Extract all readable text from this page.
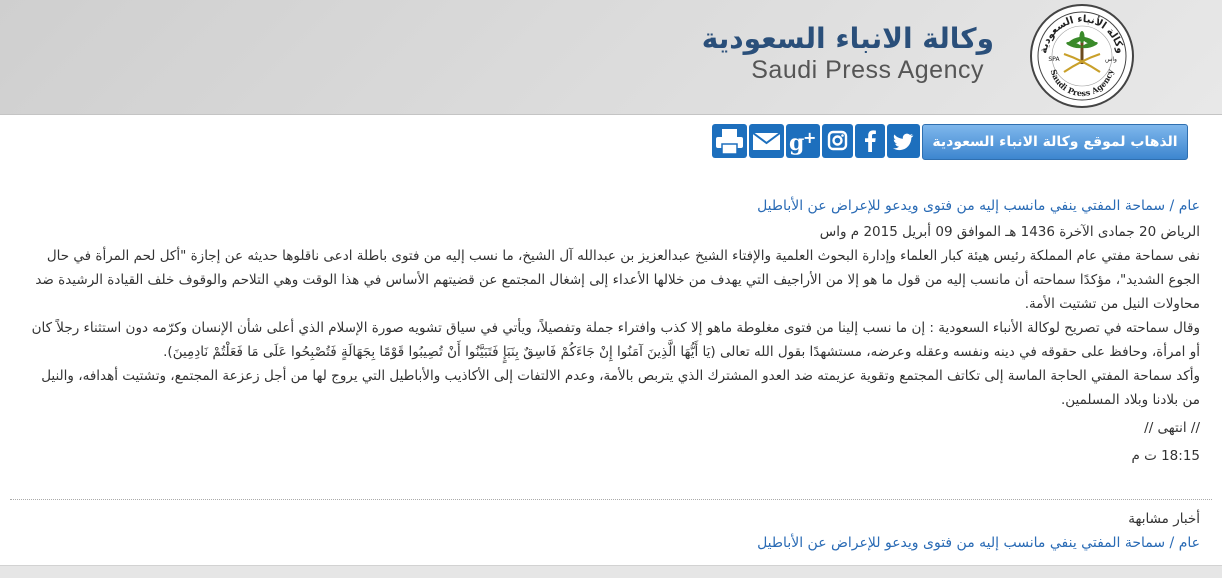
وكالة الأنباء السعودية
SPA	واس
Saudi Press Agency
وكالة الانباء السعودية
Saudi Press Agency
الذهاب لموقع وكالة الانباء السعودية
g
+
عام / سماحة المفتي ينفي مانسب إليه من فتوى ويدعو للإعراض عن الأباطيل
الرياض 20 جمادى الآخرة 1436 هـ الموافق 09 أبريل 2015 م واس

نفى سماحة مفتي عام المملكة رئيس هيئة كبار العلماء وإدارة البحوث العلمية والإفتاء الشيخ عبدالعزيز بن عبدالله آل الشيخ، ما نسب إليه من فتوى باطلة ادعى ناقلوها حديثه عن إجازة "أكل لحم المرأة في حال الجوع الشديد"، مؤكدًا سماحته أن مانسب إليه من قول ما هو إلا من الأراجيف التي يهدف من خلالها الأعداء إلى إشغال المجتمع عن قضيتهم الأساس في هذا الوقت وهي التلاحم والوقوف خلف القيادة الرشيدة ضد محاولات النيل من تشتيت الأمة.

وقال سماحته في تصريح لوكالة الأنباء السعودية : إن ما نسب إلينا من فتوى مغلوطة ماهو إلا كذب وافتراء جملة وتفصيلاً، ويأتي في سياق تشويه صورة الإسلام الذي أعلى شأن الإنسان وكرّمه دون استثناء رجلاً كان أو امرأة، وحافظ على حقوقه في دينه ونفسه وعقله وعرضه، مستشهدًا بقول الله تعالى (يَا أَيُّهَا الَّذِينَ آمَنُوا إِنْ جَاءَكُمْ فَاسِقٌ بِنَبَإٍ فَتَبَيَّنُوا أَنْ تُصِيبُوا قَوْمًا بِجَهَالَةٍ فَتُصْبِحُوا عَلَى مَا فَعَلْتُمْ نَادِمِينَ).

وأكد سماحة المفتي الحاجة الماسة إلى تكاتف المجتمع وتقوية عزيمته ضد العدو المشترك الذي يتربص بالأمة، وعدم الالتفات إلى الأكاذيب والأباطيل التي يروج لها من أجل زعزعة المجتمع، وتشتيت أهدافه، والنيل من بلادنا وبلاد المسلمين.

// انتهى //
18:15 ت م
أخبار مشابهة
عام / سماحة المفتي ينفي مانسب إليه من فتوى ويدعو للإعراض عن الأباطيل
